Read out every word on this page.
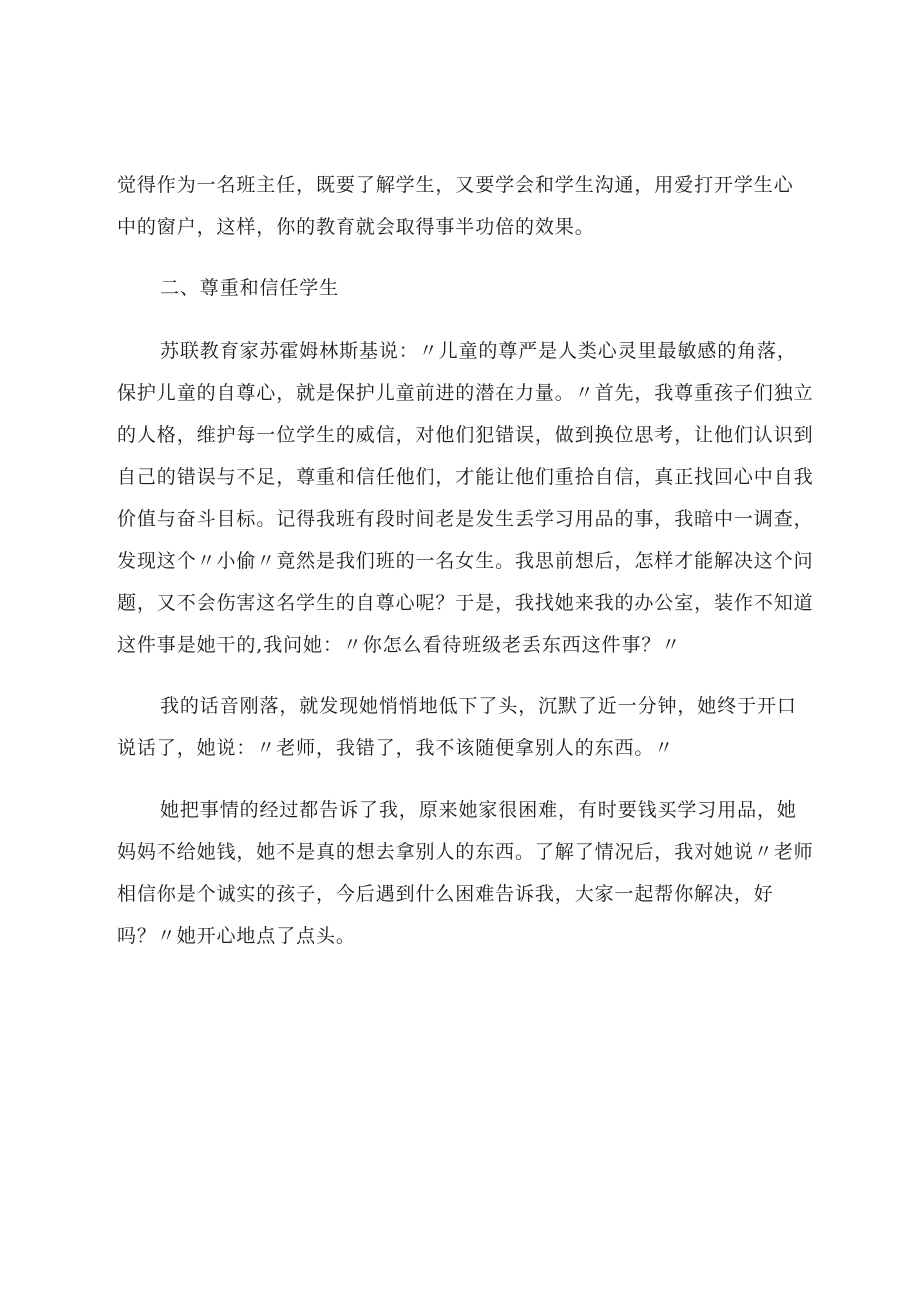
觉得作为一名班主任，既要了解学生，又要学会和学生沟通，用爱打开学生心
中的窗户，这样，你的教育就会取得事半功倍的效果。
二、尊重和信任学生
苏联教育家苏霍姆林斯基说：〃儿童的尊严是人类心灵里最敏感的角落，
保护儿童的自尊心，就是保护儿童前进的潜在力量。〃首先，我尊重孩子们独立
的人格，维护每一位学生的威信，对他们犯错误，做到换位思考，让他们认识到
自己的错误与不足，尊重和信任他们，才能让他们重拾自信，真正找回心中自我
价值与奋斗目标。记得我班有段时间老是发生丢学习用品的事，我暗中一调查，
发现这个〃小偷〃竟然是我们班的一名女生。我思前想后，怎样才能解决这个问
题，又不会伤害这名学生的自尊心呢？于是，我找她来我的办公室，装作不知道
这件事是她干的,我问她：〃你怎么看待班级老丢东西这件事？〃
我的话音刚落，就发现她悄悄地低下了头，沉默了近一分钟，她终于开口
说话了，她说：〃老师，我错了，我不该随便拿别人的东西。〃
她把事情的经过都告诉了我，原来她家很困难，有时要钱买学习用品，她
妈妈不给她钱，她不是真的想去拿别人的东西。了解了情况后，我对她说〃老师
相信你是个诚实的孩子，今后遇到什么困难告诉我，大家一起帮你解决，好
吗？〃她开心地点了点头。
